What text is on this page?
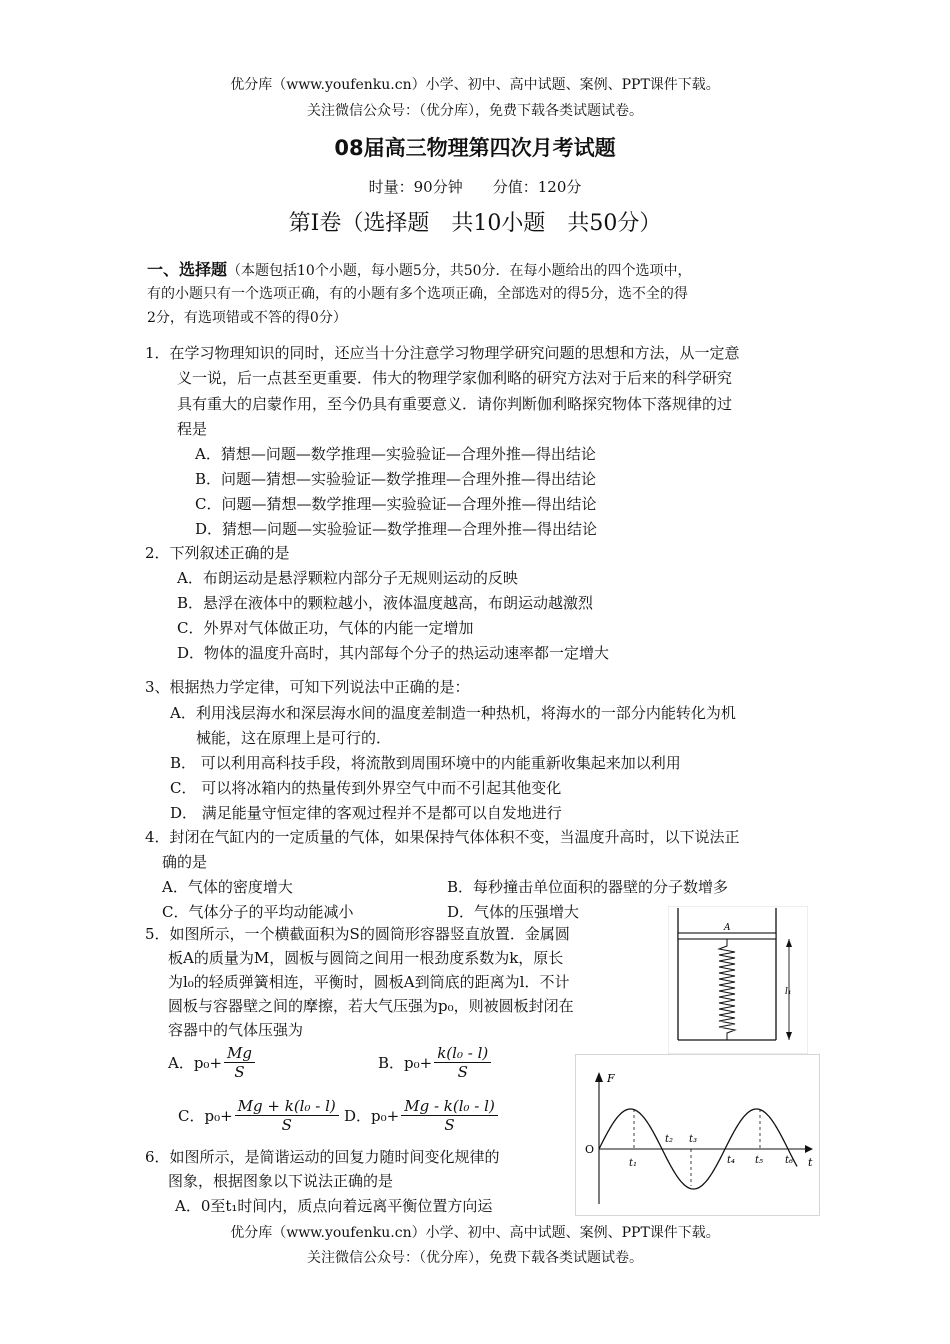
优分库（www.youfenku.cn）小学、初中、高中试题、案例、PPT课件下载。
关注微信公众号：（优分库），免费下载各类试题试卷。
08届高三物理第四次月考试题
时量：90分钟　　分值：120分
第Ⅰ卷（选择题　共10小题　共50分）
一、选择题（本题包括10个小题，每小题5分，共50分．在每小题给出的四个选项中，
有的小题只有一个选项正确，有的小题有多个选项正确，全部选对的得5分，选不全的得
2分，有选项错或不答的得0分）
1．在学习物理知识的同时，还应当十分注意学习物理学研究问题的思想和方法，从一定意
义一说，后一点甚至更重要．伟大的物理学家伽利略的研究方法对于后来的科学研究
具有重大的启蒙作用，至今仍具有重要意义．请你判断伽利略探究物体下落规律的过
程是
A．猜想—问题—数学推理—实验验证—合理外推—得出结论
B．问题—猜想—实验验证—数学推理—合理外推—得出结论
C．问题—猜想—数学推理—实验验证—合理外推—得出结论
D．猜想—问题—实验验证—数学推理—合理外推—得出结论
2．下列叙述正确的是
A．布朗运动是悬浮颗粒内部分子无规则运动的反映
B．悬浮在液体中的颗粒越小，液体温度越高，布朗运动越激烈
C．外界对气体做正功，气体的内能一定增加
D．物体的温度升高时，其内部每个分子的热运动速率都一定增大
3、根据热力学定律，可知下列说法中正确的是：
A．利用浅层海水和深层海水间的温度差制造一种热机，将海水的一部分内能转化为机
械能，这在原理上是可行的．
B． 可以利用高科技手段，将流散到周围环境中的内能重新收集起来加以利用
C． 可以将冰箱内的热量传到外界空气中而不引起其他变化
D． 满足能量守恒定律的客观过程并不是都可以自发地进行
4．封闭在气缸内的一定质量的气体，如果保持气体体积不变，当温度升高时，以下说法正
确的是
A．气体的密度增大	B．每秒撞击单位面积的器壁的分子数增多
C．气体分子的平均动能减小	D．气体的压强增大
5．如图所示，一个横截面积为S的圆筒形容器竖直放置．金属圆
板A的质量为M，圆板与圆筒之间用一根劲度系数为k，原长
为l₀的轻质弹簧相连，平衡时，圆板A到筒底的距离为l．不计
圆板与容器壁之间的摩擦，若大气压强为p₀，则被圆板封闭在
容器中的气体压强为
A．$p_0+ \frac{Mg}{S}$	B．$p_0+ \frac{\text{k(l₀ - l)}}{S}$
C．$p_0+ \frac{\text{Mg + k(l₀ - l)}}{S}$ D．$p_0+ \frac{\text{Mg - k(l₀ - l)}}{S}$
A
l₁
6．如图所示，是简谐运动的回复力随时间变化规律的
图象，根据图象以下说法正确的是
A．0至t₁时间内，质点向着远离平衡位置方向运
F
O
t
t₁
t₂ t₃
t₄ t₅ t₆
优分库（www.youfenku.cn）小学、初中、高中试题、案例、PPT课件下载。
关注微信公众号：（优分库），免费下载各类试题试卷。
